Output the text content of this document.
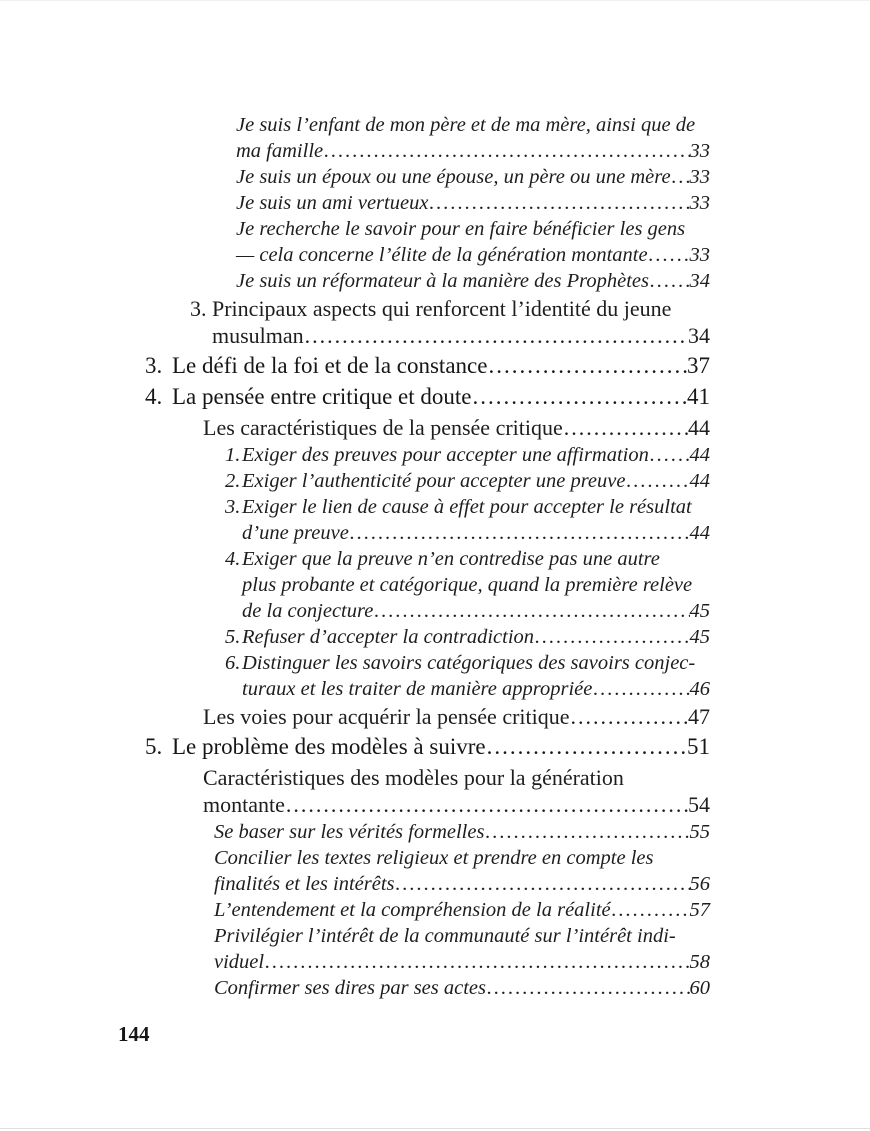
Je suis l’enfant de mon père et de ma mère, ainsi que de
ma famille .....	33
Je suis un époux ou une épouse, un père ou une mère ..... 33
Je suis un ami vertueux .....	33
Je recherche le savoir pour en faire bénéficier les gens
— cela concerne l’élite de la génération montante ..... 33
Je suis un réformateur à la manière des Prophètes ..... 34
3. Principaux aspects qui renforcent l’identité du jeune
musulman .....	34
3. Le défi de la foi et de la constance .....	37
4. La pensée entre critique et doute .....	41
Les caractéristiques de la pensée critique .....	44
1. Exiger des preuves pour accepter une affirmation ..... 44
2. Exiger l’authenticité pour accepter une preuve .....	44
3. Exiger le lien de cause à effet pour accepter le résultat
d’une preuve .....	44
4. Exiger que la preuve n’en contredise pas une autre
plus probante et catégorique, quand la première relève
de la conjecture .....	45
5. Refuser d’accepter la contradiction .....	45
6. Distinguer les savoirs catégoriques des savoirs conjec-
turaux et les traiter de manière appropriée .....	46
Les voies pour acquérir la pensée critique .....	47
5. Le problème des modèles à suivre .....	51
Caractéristiques des modèles pour la génération
montante .....	54
Se baser sur les vérités formelles .....	55
Concilier les textes religieux et prendre en compte les
finalités et les intérêts .....	56
L’entendement et la compréhension de la réalité .....	57
Privilégier l’intérêt de la communauté sur l’intérêt indi-
viduel .....	58
Confirmer ses dires par ses actes .....	60
144
